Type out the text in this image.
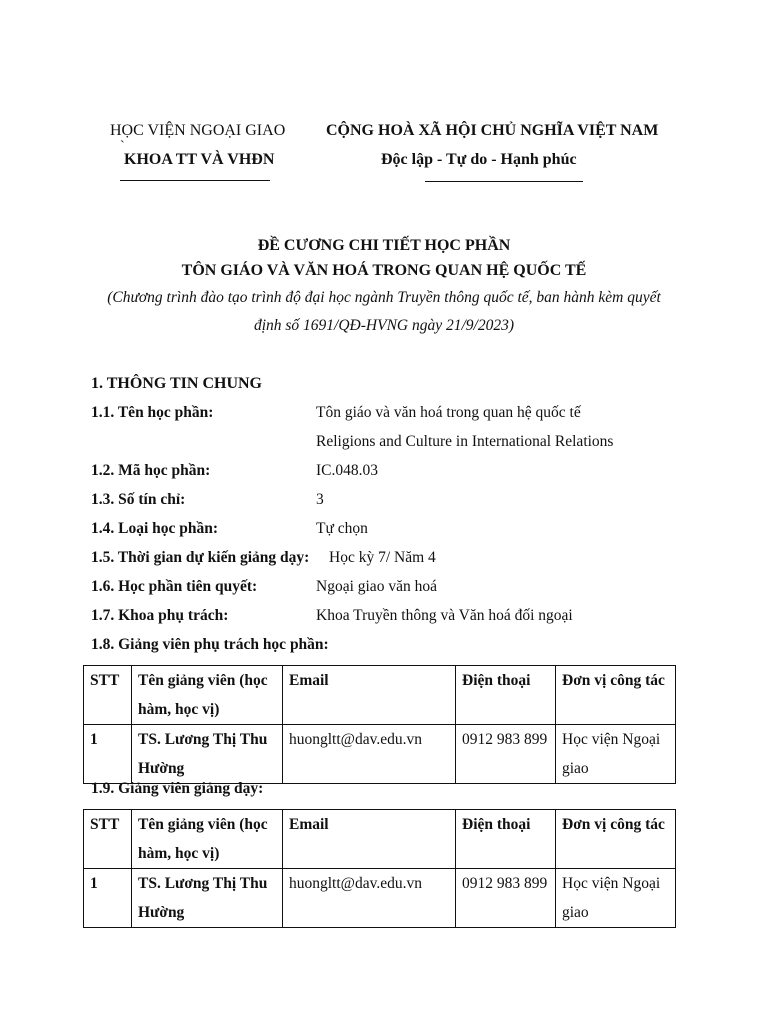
HỌC VIỆN NGOẠI GIAO
KHOA TT VÀ VHĐN
`
CỘNG HOÀ XÃ HỘI CHỦ NGHĨA VIỆT NAM
Độc lập - Tự do - Hạnh phúc
ĐỀ CƯƠNG CHI TIẾT HỌC PHẦN
TÔN GIÁO VÀ VĂN HOÁ TRONG QUAN HỆ QUỐC TẾ
(Chương trình đào tạo trình độ đại học ngành Truyền thông quốc tế, ban hành kèm quyết
định số 1691/QĐ-HVNG ngày 21/9/2023)
1. THÔNG TIN CHUNG
1.1. Tên học phần:	Tôn giáo và văn hoá trong quan hệ quốc tế
Religions and Culture in International Relations
1.2. Mã học phần:	IC.048.03
1.3. Số tín chỉ:	3
1.4. Loại học phần:	Tự chọn
1.5. Thời gian dự kiến giảng dạy: Học kỳ 7/ Năm 4
1.6. Học phần tiên quyết:	Ngoại giao văn hoá
1.7. Khoa phụ trách:	Khoa Truyền thông và Văn hoá đối ngoại
1.8. Giảng viên phụ trách học phần:
STT	Tên giảng viên (học hàm, học vị)	Email	Điện thoại	Đơn vị công tác
1	TS. Lương Thị Thu Hường	huongltt@dav.edu.vn	0912 983 899	Học viện Ngoại giao
1.9. Giảng viên giảng dạy:
STT	Tên giảng viên (học hàm, học vị)	Email	Điện thoại	Đơn vị công tác
1	TS. Lương Thị Thu Hường	huongltt@dav.edu.vn	0912 983 899	Học viện Ngoại giao
